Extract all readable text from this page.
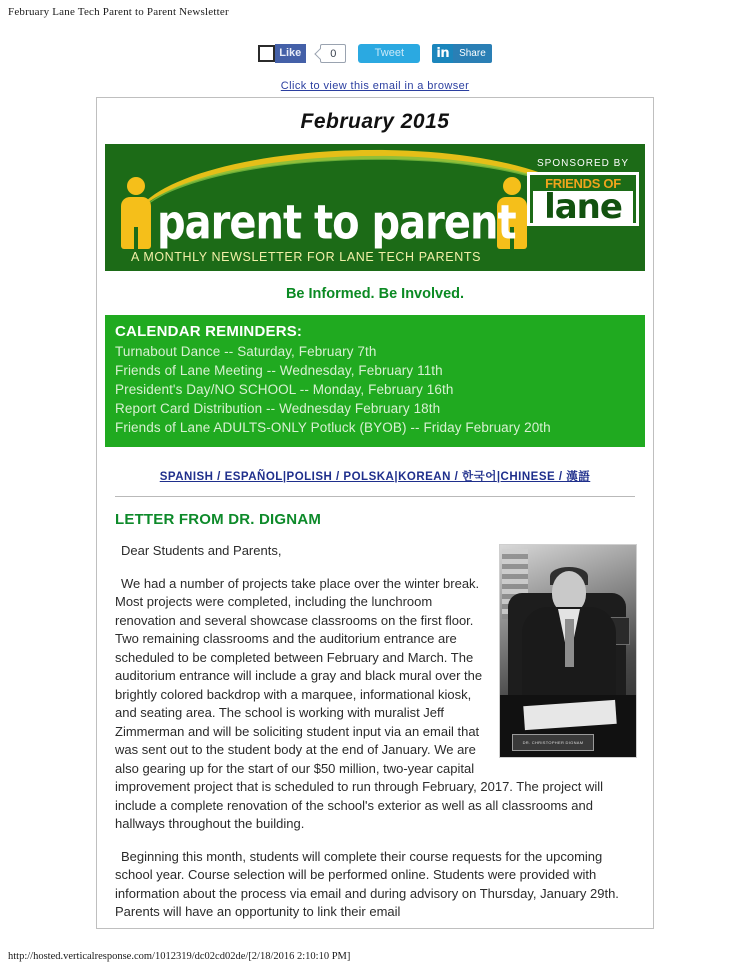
February Lane Tech Parent to Parent Newsletter
Like	0	Tweet	in	Share
Click to view this email in a browser
February 2015
parent to parent
A MONTHLY NEWSLETTER FOR LANE TECH PARENTS
SPONSORED BY
FRIENDS OF
lane
Be Informed. Be Involved.
CALENDAR REMINDERS:
Turnabout Dance -- Saturday, February 7th
Friends of Lane Meeting -- Wednesday, February 11th
President's Day/NO SCHOOL -- Monday, February 16th
Report Card Distribution -- Wednesday February 18th
Friends of Lane ADULTS-ONLY Potluck (BYOB) -- Friday February 20th
SPANISH / ESPAÑOL|POLISH / POLSKA|KOREAN / 한국어|CHINESE / 漢語
LETTER FROM DR. DIGNAM
DR. CHRISTOPHER DIGNAM

Dear Students and Parents,

We had a number of projects take place over the winter break. Most projects were completed, including the lunchroom renovation and several showcase classrooms on the first floor. Two remaining classrooms and the auditorium entrance are scheduled to be completed between February and March. The auditorium entrance will include a gray and black mural over the brightly colored backdrop with a marquee, informational kiosk, and seating area. The school is working with muralist Jeff Zimmerman and will be soliciting student input via an email that was sent out to the student body at the end of January. We are also gearing up for the start of our $50 million, two-year capital improvement project that is scheduled to run through February, 2017. The project will include a complete renovation of the school's exterior as well as all classrooms and hallways throughout the building.

Beginning this month, students will complete their course requests for the upcoming school year. Course selection will be performed online. Students were provided with information about the process via email and during advisory on Thursday, January 29th. Parents will have an opportunity to link their email

http://hosted.verticalresponse.com/1012319/dc02cd02de/[2/18/2016 2:10:10 PM]
